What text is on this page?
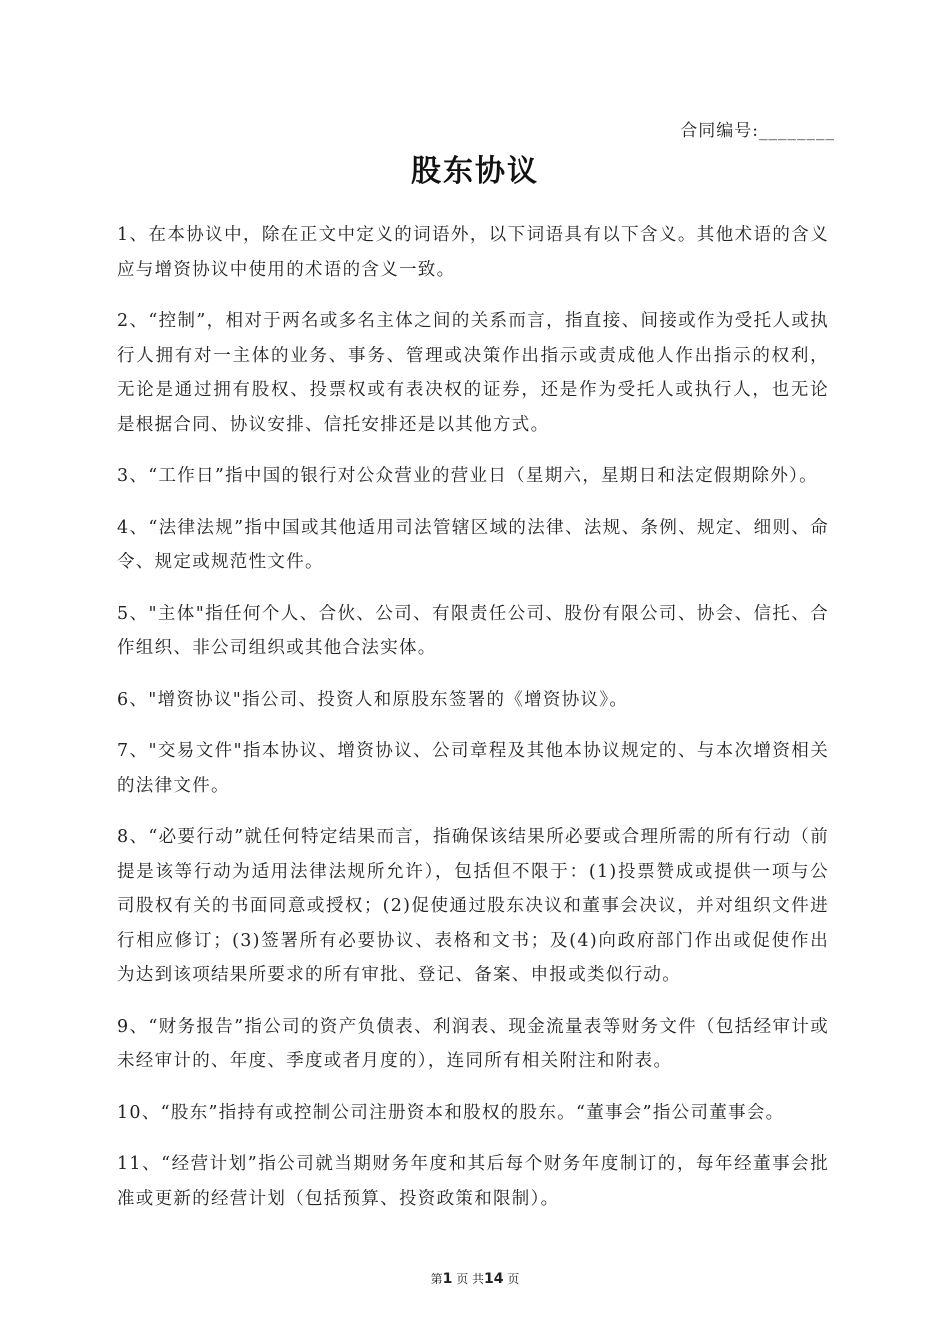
合同编号:________
股东协议

1、在本协议中，除在正文中定义的词语外，以下词语具有以下含义。其他术语的含义应与增资协议中使用的术语的含义一致。

2、“控制”，相对于两名或多名主体之间的关系而言，指直接、间接或作为受托人或执行人拥有对一主体的业务、事务、管理或决策作出指示或责成他人作出指示的权利，无论是通过拥有股权、投票权或有表决权的证券，还是作为受托人或执行人，也无论是根据合同、协议安排、信托安排还是以其他方式。

3、“工作日”指中国的银行对公众营业的营业日（星期六，星期日和法定假期除外）。

4、“法律法规”指中国或其他适用司法管辖区域的法律、法规、条例、规定、细则、命令、规定或规范性文件。

5、"主体"指任何个人、合伙、公司、有限责任公司、股份有限公司、协会、信托、合作组织、非公司组织或其他合法实体。

6、"增资协议"指公司、投资人和原股东签署的《增资协议》。

7、"交易文件"指本协议、增资协议、公司章程及其他本协议规定的、与本次增资相关的法律文件。

8、“必要行动”就任何特定结果而言，指确保该结果所必要或合理所需的所有行动（前提是该等行动为适用法律法规所允许），包括但不限于：(1)投票赞成或提供一项与公司股权有关的书面同意或授权；(2)促使通过股东决议和董事会决议，并对组织文件进行相应修订；(3)签署所有必要协议、表格和文书；及(4)向政府部门作出或促使作出为达到该项结果所要求的所有审批、登记、备案、申报或类似行动。

9、“财务报告”指公司的资产负债表、利润表、现金流量表等财务文件（包括经审计或未经审计的、年度、季度或者月度的），连同所有相关附注和附表。

10、“股东”指持有或控制公司注册资本和股权的股东。“董事会”指公司董事会。

11、“经营计划”指公司就当期财务年度和其后每个财务年度制订的，每年经董事会批准或更新的经营计划（包括预算、投资政策和限制）。

第1 页 共14 页
